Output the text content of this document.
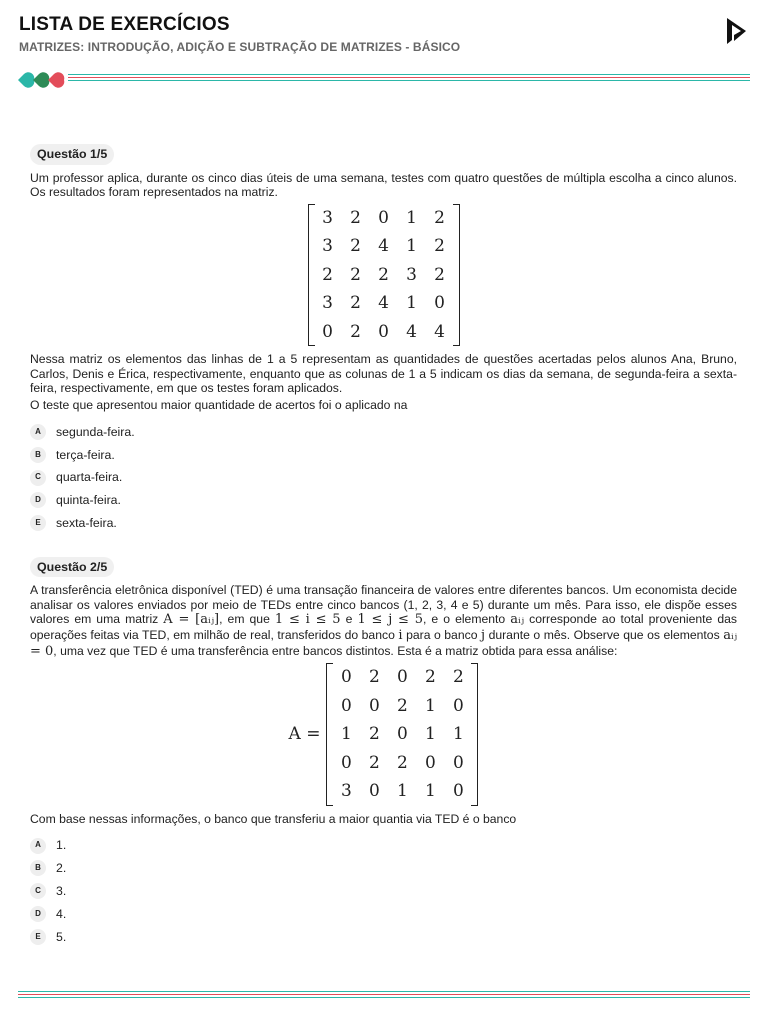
LISTA DE EXERCÍCIOS
MATRIZES: INTRODUÇÃO, ADIÇÃO E SUBTRAÇÃO DE MATRIZES - BÁSICO
Questão 1/5

Um professor aplica, durante os cinco dias úteis de uma semana, testes com quatro questões de múltipla escolha a cinco alunos. Os resultados foram representados na matriz.

3	2	0	1	2
3	2	4	1	2
2	2	2	3	2
3	2	4	1	0
0	2	0	4	4

Nessa matriz os elementos das linhas de 1 a 5 representam as quantidades de questões acertadas pelos alunos Ana, Bruno, Carlos, Denis e Érica, respectivamente, enquanto que as colunas de 1 a 5 indicam os dias da semana, de segunda-feira a sexta-feira, respectivamente, em que os testes foram aplicados.

O teste que apresentou maior quantidade de acertos foi o aplicado na

A	segunda-feira.
B	terça-feira.
C	quarta-feira.
D	quinta-feira.
E	sexta-feira.
Questão 2/5

A transferência eletrônica disponível (TED) é uma transação financeira de valores entre diferentes bancos. Um economista decide analisar os valores enviados por meio de TEDs entre cinco bancos (1, 2, 3, 4 e 5) durante um mês. Para isso, ele dispõe esses valores em uma matriz A = [aᵢⱼ], em que 1 ≤ i ≤ 5 e 1 ≤ j ≤ 5, e o elemento aᵢⱼ corresponde ao total proveniente das operações feitas via TED, em milhão de real, transferidos do banco i para o banco j durante o mês. Observe que os elementos aᵢⱼ = 0, uma vez que TED é uma transferência entre bancos distintos. Esta é a matriz obtida para essa análise:

A =
0	2	0	2	2
0	0	2	1	0
1	2	0	1	1
0	2	2	0	0
3	0	1	1	0

Com base nessas informações, o banco que transferiu a maior quantia via TED é o banco

A	1.
B	2.
C	3.
D	4.
E	5.
